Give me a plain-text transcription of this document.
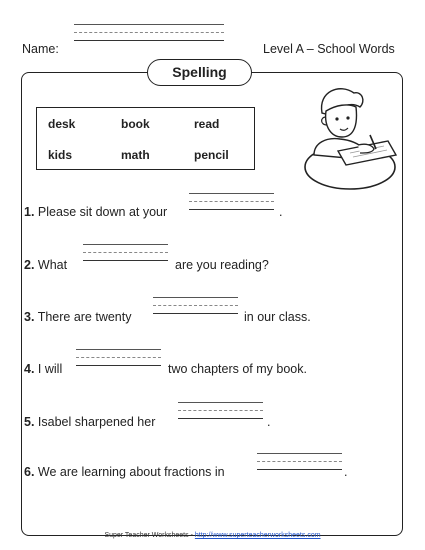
Name:	Level A – School Words
Spelling
desk	book	read
kids	math	pencil
1. Please sit down at your	.
2. What	are you reading?
3. There are twenty	in our class.
4. I will	two chapters of my book.
5. Isabel sharpened her	.
6. We are learning about fractions in	.
Super Teacher Worksheets - http://www.superteacherworksheets.com
